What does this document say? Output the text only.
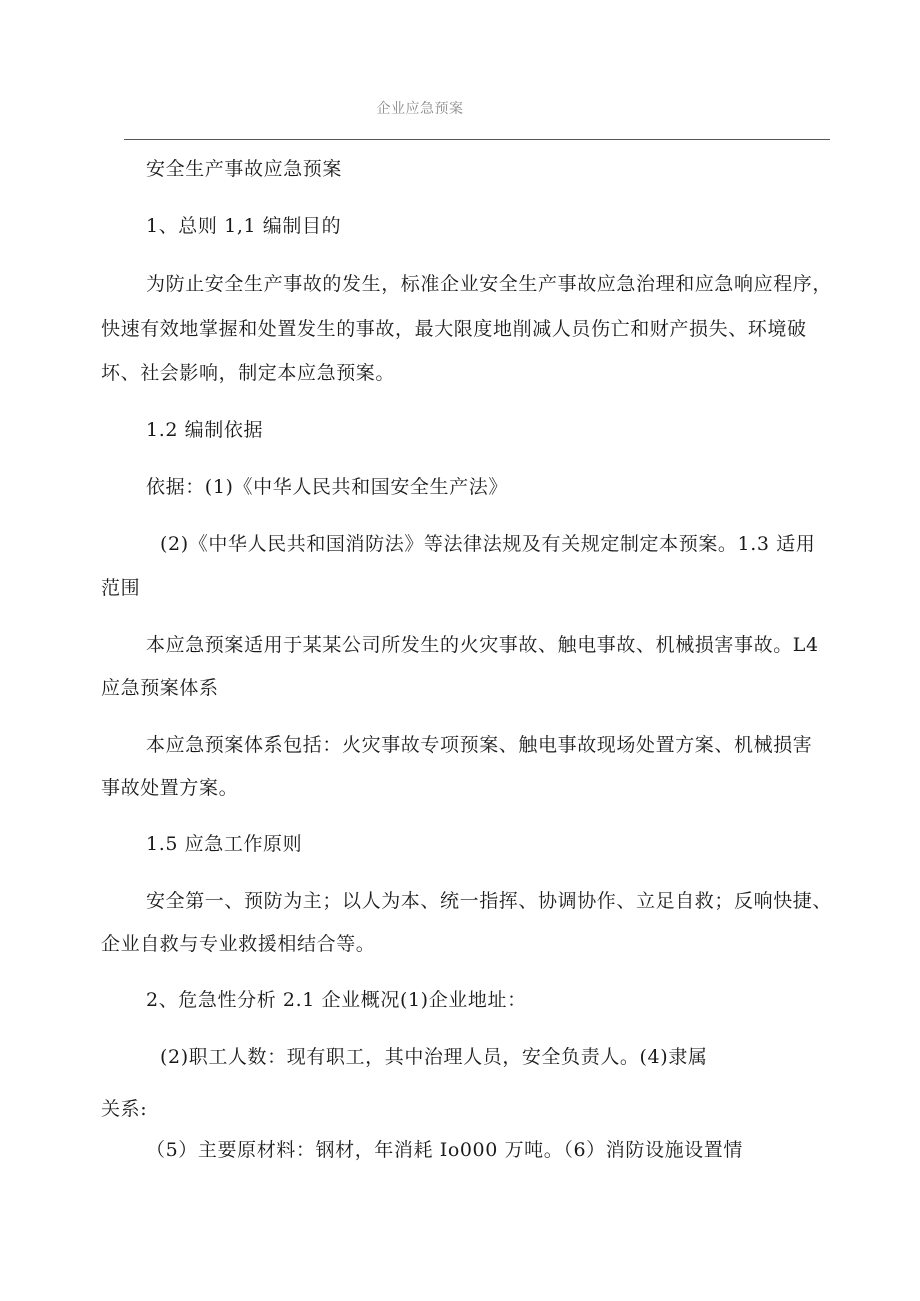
企业应急预案
安全生产事故应急预案
1、总则 1,1 编制目的
为防止安全生产事故的发生，标准企业安全生产事故应急治理和应急响应程序，
快速有效地掌握和处置发生的事故，最大限度地削减人员伤亡和财产损失、环境破
坏、社会影响，制定本应急预案。
1.2 编制依据
依据：(1)《中华人民共和国安全生产法》
(2)《中华人民共和国消防法》等法律法规及有关规定制定本预案。1.3 适用
范围
本应急预案适用于某某公司所发生的火灾事故、触电事故、机械损害事故。L4
应急预案体系
本应急预案体系包括：火灾事故专项预案、触电事故现场处置方案、机械损害
事故处置方案。
1.5 应急工作原则
安全第一、预防为主；以人为本、统一指挥、协调协作、立足自救；反响快捷、
企业自救与专业救援相结合等。
2、危急性分析 2.1 企业概况(1)企业地址：
(2)职工人数：现有职工，其中治理人员，安全负责人。(4)隶属
关系:
（5）主要原材料：钢材，年消耗 Io000 万吨。（6）消防设施设置情
